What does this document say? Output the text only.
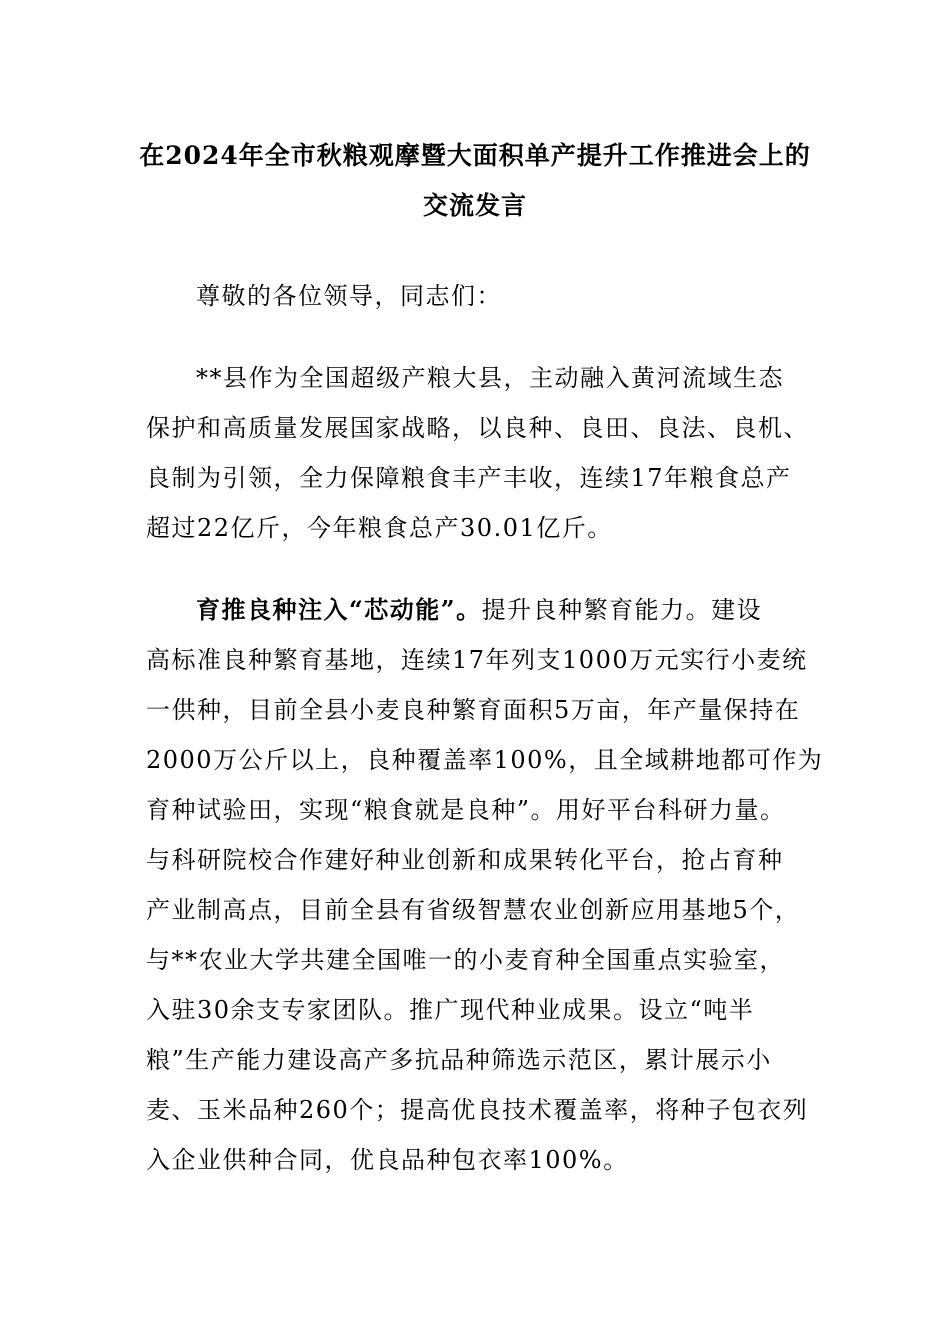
在2024年全市秋粮观摩暨大面积单产提升工作推进会上的
交流发言
尊敬的各位领导，同志们：
**县作为全国超级产粮大县，主动融入黄河流域生态
保护和高质量发展国家战略，以良种、良田、良法、良机、
良制为引领，全力保障粮食丰产丰收，连续17年粮食总产
超过22亿斤，今年粮食总产30.01亿斤。
育推良种注入“芯动能”。提升良种繁育能力。建设
高标准良种繁育基地，连续17年列支1000万元实行小麦统
一供种，目前全县小麦良种繁育面积5万亩，年产量保持在
2000万公斤以上，良种覆盖率100%，且全域耕地都可作为
育种试验田，实现“粮食就是良种”。用好平台科研力量。
与科研院校合作建好种业创新和成果转化平台，抢占育种
产业制高点，目前全县有省级智慧农业创新应用基地5个，
与**农业大学共建全国唯一的小麦育种全国重点实验室，
入驻30余支专家团队。推广现代种业成果。设立“吨半
粮”生产能力建设高产多抗品种筛选示范区，累计展示小
麦、玉米品种260个；提高优良技术覆盖率，将种子包衣列
入企业供种合同，优良品种包衣率100%。
